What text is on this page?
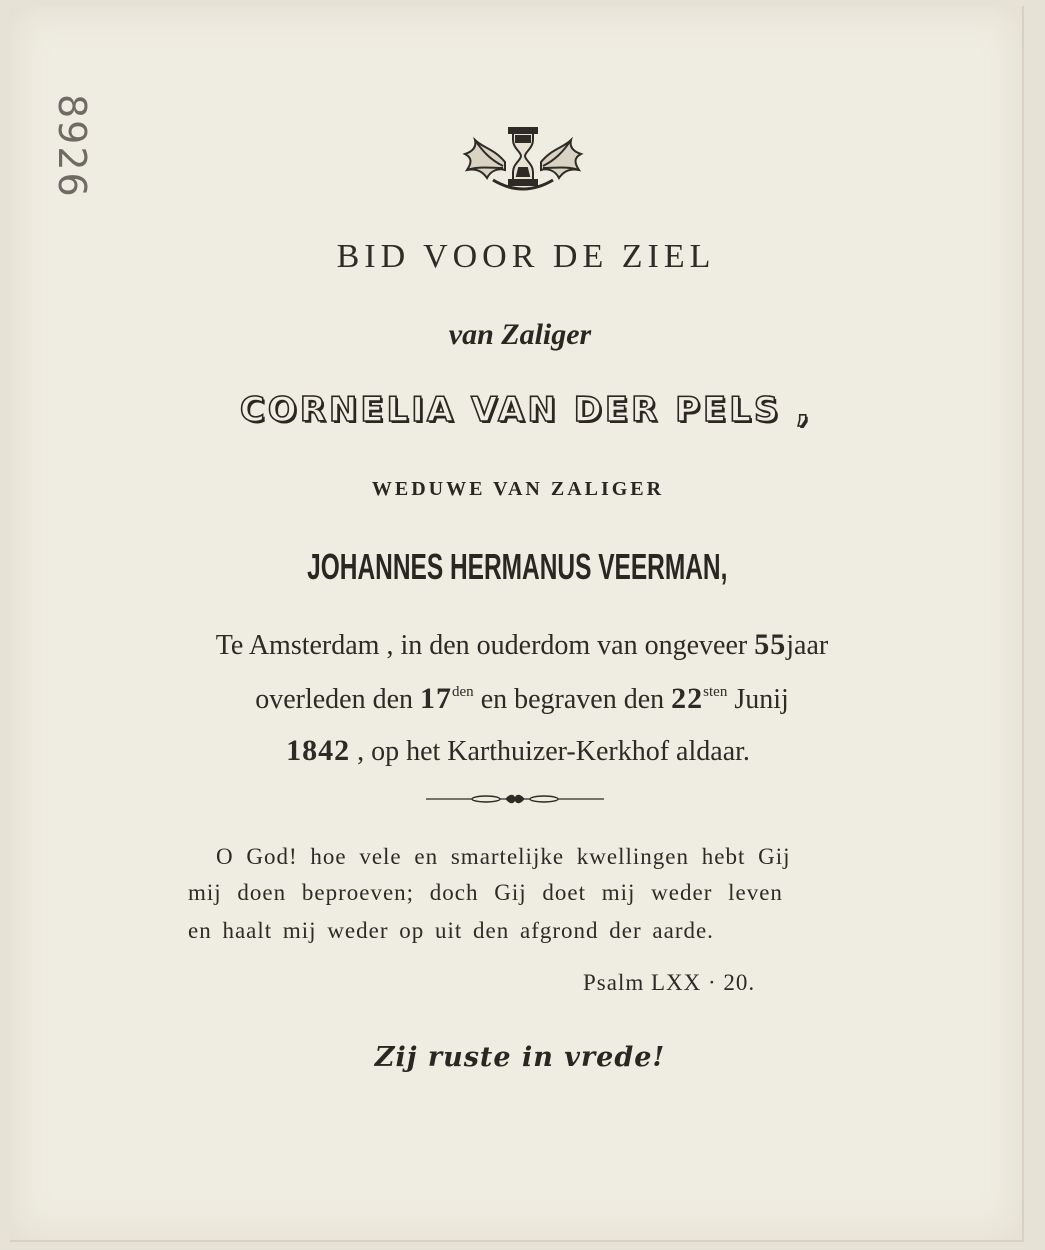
8926
BID VOOR DE ZIEL
van Zaliger
CORNELIA VAN DER PELS ,
WEDUWE VAN ZALIGER
JOHANNES HERMANUS VEERMAN,
Te Amsterdam , in den ouderdom van ongeveer 55jaar
overleden den $17^{den}$ en begraven den $22^{sten}$ Junij
1842 , op het Karthuizer-Kerkhof aldaar.
O God! hoe vele en smartelijke kwellingen hebt Gij
mij doen beproeven; doch Gij doet mij weder leven
en haalt mij weder op uit den afgrond der aarde.
Psalm LXX · 20.
Zij ruste in vrede!
